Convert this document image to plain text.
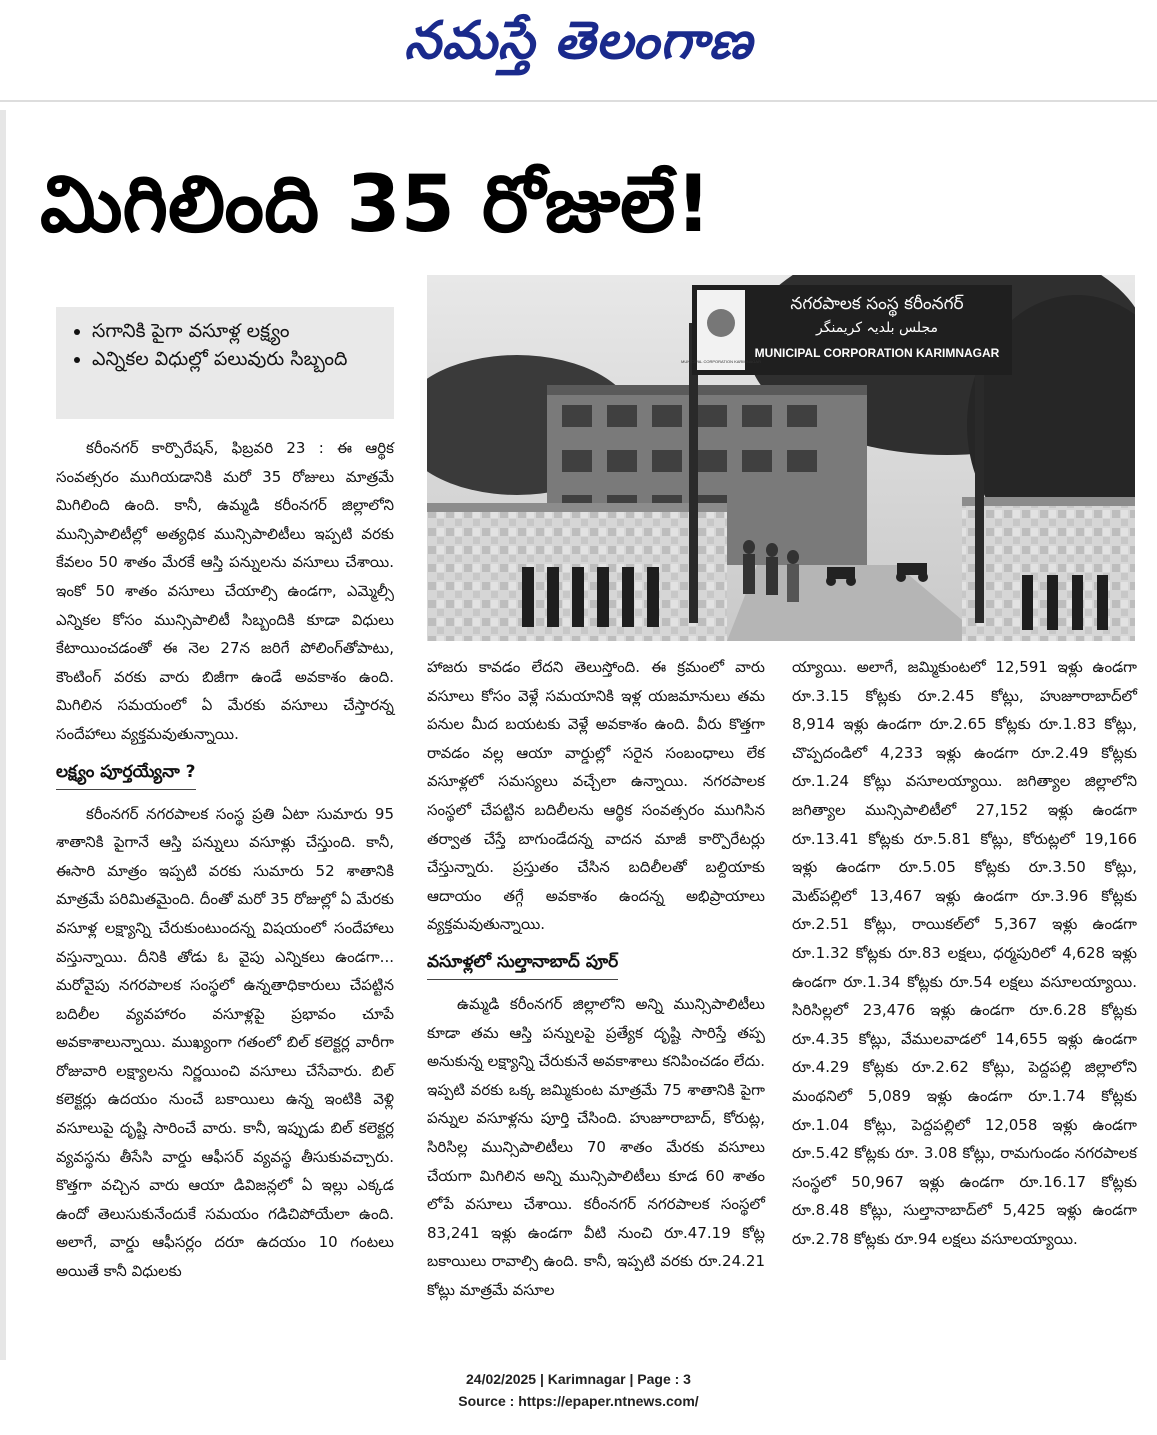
నమస్తే తెలంగాణ
మిగిలింది 35 రోజులే!
• సగానికి పైగా వసూళ్ల లక్ష్యం
• ఎన్నికల విధుల్లో పలువురు సిబ్బంది	MUNICIPAL CORPORATION KARIMNAGAR
నగరపాలక సంస్థ కరీంనగర్
مجلس بلدیہ کریمنگر
MUNICIPAL CORPORATION KARIMNAGAR

కరీంనగర్ కార్పొరేషన్, ఫిబ్రవరి 23 : ఈ ఆర్థిక సంవత్సరం ముగియడానికి మరో 35 రోజులు మాత్రమే మిగిలింది ఉంది. కానీ, ఉమ్మడి కరీంనగర్ జిల్లాలోని మున్సిపాలిటీల్లో అత్యధిక మున్సిపాలిటీలు ఇప్పటి వరకు కేవలం 50 శాతం మేరకే ఆస్తి పన్నులను వసూలు చేశాయి. ఇంకో 50 శాతం వసూలు చేయాల్సి ఉండగా, ఎమ్మెల్సీ ఎన్నికల కోసం మున్సిపాలిటీ సిబ్బందికి కూడా విధులు కేటాయించడంతో ఈ నెల 27న జరిగే పోలింగ్‌తోపాటు, కౌంటింగ్ వరకు వారు బిజీగా ఉండే అవకాశం ఉంది. మిగిలిన సమయంలో ఏ మేరకు వసూలు చేస్తారన్న సందేహాలు వ్యక్తమవుతున్నాయి.

లక్ష్యం పూర్తయ్యేనా ?

కరీంనగర్ నగరపాలక సంస్థ ప్రతి ఏటా సుమారు 95 శాతానికి పైగానే ఆస్తి పన్నులు వసూళ్లు చేస్తుంది. కానీ, ఈసారి మాత్రం ఇప్పటి వరకు సుమారు 52 శాతానికి మాత్రమే పరిమితమైంది. దీంతో మరో 35 రోజుల్లో ఏ మేరకు వసూళ్ల లక్ష్యాన్ని చేరుకుంటుందన్న విషయంలో సందేహాలు వస్తున్నాయి. దీనికి తోడు ఓ వైపు ఎన్నికలు ఉండగా... మరోవైపు నగరపాలక సంస్థలో ఉన్నతాధికారులు చేపట్టిన బదిలీల వ్యవహారం వసూళ్లపై ప్రభావం చూపే అవకాశాలున్నాయి. ముఖ్యంగా గతంలో బిల్ కలెక్టర్ల వారీగా రోజువారి లక్ష్యాలను నిర్ణయించి వసూలు చేసేవారు. బిల్ కలెక్టర్లు ఉదయం నుంచే బకాయిలు ఉన్న ఇంటికి వెళ్లి వసూలుపై దృష్టి సారించే వారు. కానీ, ఇప్పుడు బిల్ కలెక్టర్ల వ్యవస్థను తీసేసి వార్డు ఆఫీసర్ వ్యవస్థ తీసుకువచ్చారు. కొత్తగా వచ్చిన వారు ఆయా డివిజన్లలో ఏ ఇల్లు ఎక్కడ ఉందో తెలుసుకునేందుకే సమయం గడిచిపోయేలా ఉంది. అలాగే, వార్డు ఆఫీసర్లం దరూ ఉదయం 10 గంటలు అయితే కానీ విధులకు

హాజరు కావడం లేదని తెలుస్తోంది. ఈ క్రమంలో వారు వసూలు కోసం వెళ్లే సమయానికి ఇళ్ల యజమానులు తమ పనుల మీద బయటకు వెళ్లే అవకాశం ఉంది. వీరు కొత్తగా రావడం వల్ల ఆయా వార్డుల్లో సరైన సంబంధాలు లేక వసూళ్లలో సమస్యలు వచ్చేలా ఉన్నాయి. నగరపాలక సంస్థలో చేపట్టిన బదిలీలను ఆర్థిక సంవత్సరం ముగిసిన తర్వాత చేస్తే బాగుండేదన్న వాదన మాజీ కార్పొరేటర్లు చేస్తున్నారు. ప్రస్తుతం చేసిన బదిలీలతో బల్దియాకు ఆదాయం తగ్గే అవకాశం ఉందన్న అభిప్రాయాలు వ్యక్తమవుతున్నాయి.

వసూళ్లలో సుల్తానాబాద్ పూర్

ఉమ్మడి కరీంనగర్ జిల్లాలోని అన్ని మున్సిపాలిటీలు కూడా తమ ఆస్తి పన్నులపై ప్రత్యేక దృష్టి సారిస్తే తప్ప అనుకున్న లక్ష్యాన్ని చేరుకునే అవకాశాలు కనిపించడం లేదు. ఇప్పటి వరకు ఒక్క జమ్మికుంట మాత్రమే 75 శాతానికి పైగా పన్నుల వసూళ్లను పూర్తి చేసింది. హుజూరాబాద్, కోరుట్ల, సిరిసిల్ల మున్సిపాలిటీలు 70 శాతం మేరకు వసూలు చేయగా మిగిలిన అన్ని మున్సిపాలిటీలు కూడ 60 శాతం లోపే వసూలు చేశాయి. కరీంనగర్ నగరపాలక సంస్థలో 83,241 ఇళ్లు ఉండగా వీటి నుంచి రూ.47.19 కోట్ల బకాయిలు రావాల్సి ఉంది. కానీ, ఇప్పటి వరకు రూ.24.21 కోట్లు మాత్రమే వసూల

య్యాయి. అలాగే, జమ్మికుంటలో 12,591 ఇళ్లు ఉండగా రూ.3.15 కోట్లకు రూ.2.45 కోట్లు, హుజూరాబాద్‌లో 8,914 ఇళ్లు ఉండగా రూ.2.65 కోట్లకు రూ.1.83 కోట్లు, చొప్పదండిలో 4,233 ఇళ్లు ఉండగా రూ.2.49 కోట్లకు రూ.1.24 కోట్లు వసూలయ్యాయి. జగిత్యాల జిల్లాలోని జగిత్యాల మున్సిపాలిటీలో 27,152 ఇళ్లు ఉండగా రూ.13.41 కోట్లకు రూ.5.81 కోట్లు, కోరుట్లలో 19,166 ఇళ్లు ఉండగా రూ.5.05 కోట్లకు రూ.3.50 కోట్లు, మెట్‌పల్లిలో 13,467 ఇళ్లు ఉండగా రూ.3.96 కోట్లకు రూ.2.51 కోట్లు, రాయికల్‌లో 5,367 ఇళ్లు ఉండగా రూ.1.32 కోట్లకు రూ.83 లక్షలు, ధర్మపురిలో 4,628 ఇళ్లు ఉండగా రూ.1.34 కోట్లకు రూ.54 లక్షలు వసూలయ్యాయి. సిరిసిల్లలో 23,476 ఇళ్లు ఉండగా రూ.6.28 కోట్లకు రూ.4.35 కోట్లు, వేములవాడలో 14,655 ఇళ్లు ఉండగా రూ.4.29 కోట్లకు రూ.2.62 కోట్లు, పెద్దపల్లి జిల్లాలోని మంథనిలో 5,089 ఇళ్లు ఉండగా రూ.1.74 కోట్లకు రూ.1.04 కోట్లు, పెద్దపల్లిలో 12,058 ఇళ్లు ఉండగా రూ.5.42 కోట్లకు రూ. 3.08 కోట్లు, రామగుండం నగరపాలక సంస్థలో 50,967 ఇళ్లు ఉండగా రూ.16.17 కోట్లకు రూ.8.48 కోట్లు, సుల్తానాబాద్‌లో 5,425 ఇళ్లు ఉండగా రూ.2.78 కోట్లకు రూ.94 లక్షలు వసూలయ్యాయి.

24/02/2025 | Karimnagar | Page : 3
Source : https://epaper.ntnews.com/
